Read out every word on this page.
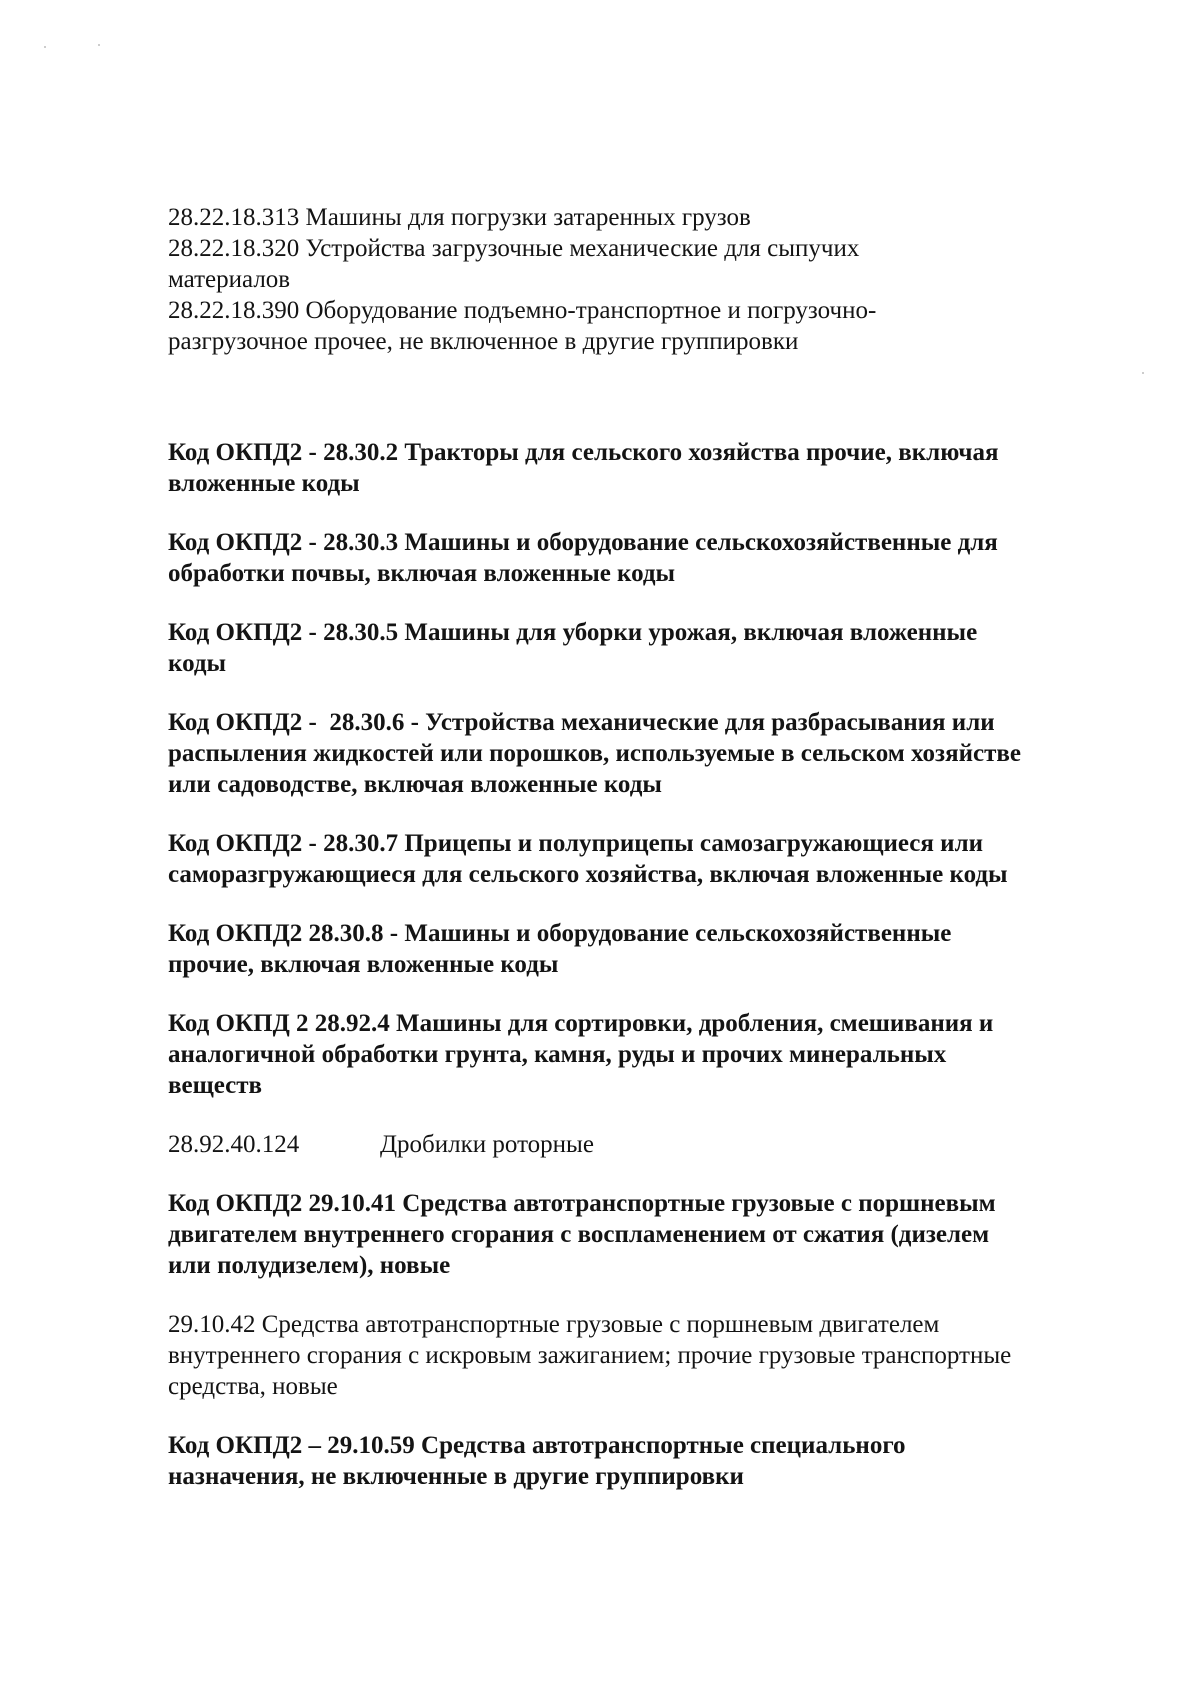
28.22.18.313 Машины для погрузки затаренных грузов
28.22.18.320 Устройства загрузочные механические для сыпучих
материалов
28.22.18.390 Оборудование подъемно-транспортное и погрузочно-
разгрузочное прочее, не включенное в другие группировки
Код ОКПД2 - 28.30.2 Тракторы для сельского хозяйства прочие, включая
вложенные коды
Код ОКПД2 - 28.30.3 Машины и оборудование сельскохозяйственные для
обработки почвы, включая вложенные коды
Код ОКПД2 - 28.30.5 Машины для уборки урожая, включая вложенные
коды
Код ОКПД2 -  28.30.6 - Устройства механические для разбрасывания или
распыления жидкостей или порошков, используемые в сельском хозяйстве
или садоводстве, включая вложенные коды
Код ОКПД2 - 28.30.7 Прицепы и полуприцепы самозагружающиеся или
саморазгружающиеся для сельского хозяйства, включая вложенные коды
Код ОКПД2 28.30.8 - Машины и оборудование сельскохозяйственные
прочие, включая вложенные коды
Код ОКПД 2 28.92.4 Машины для сортировки, дробления, смешивания и
аналогичной обработки грунта, камня, руды и прочих минеральных
веществ
28.92.40.124	Дробилки роторные
Код ОКПД2 29.10.41 Средства автотранспортные грузовые с поршневым
двигателем внутреннего сгорания с воспламенением от сжатия (дизелем
или полудизелем), новые
29.10.42 Средства автотранспортные грузовые с поршневым двигателем
внутреннего сгорания с искровым зажиганием; прочие грузовые транспортные
средства, новые
Код ОКПД2 – 29.10.59 Средства автотранспортные специального
назначения, не включенные в другие группировки
